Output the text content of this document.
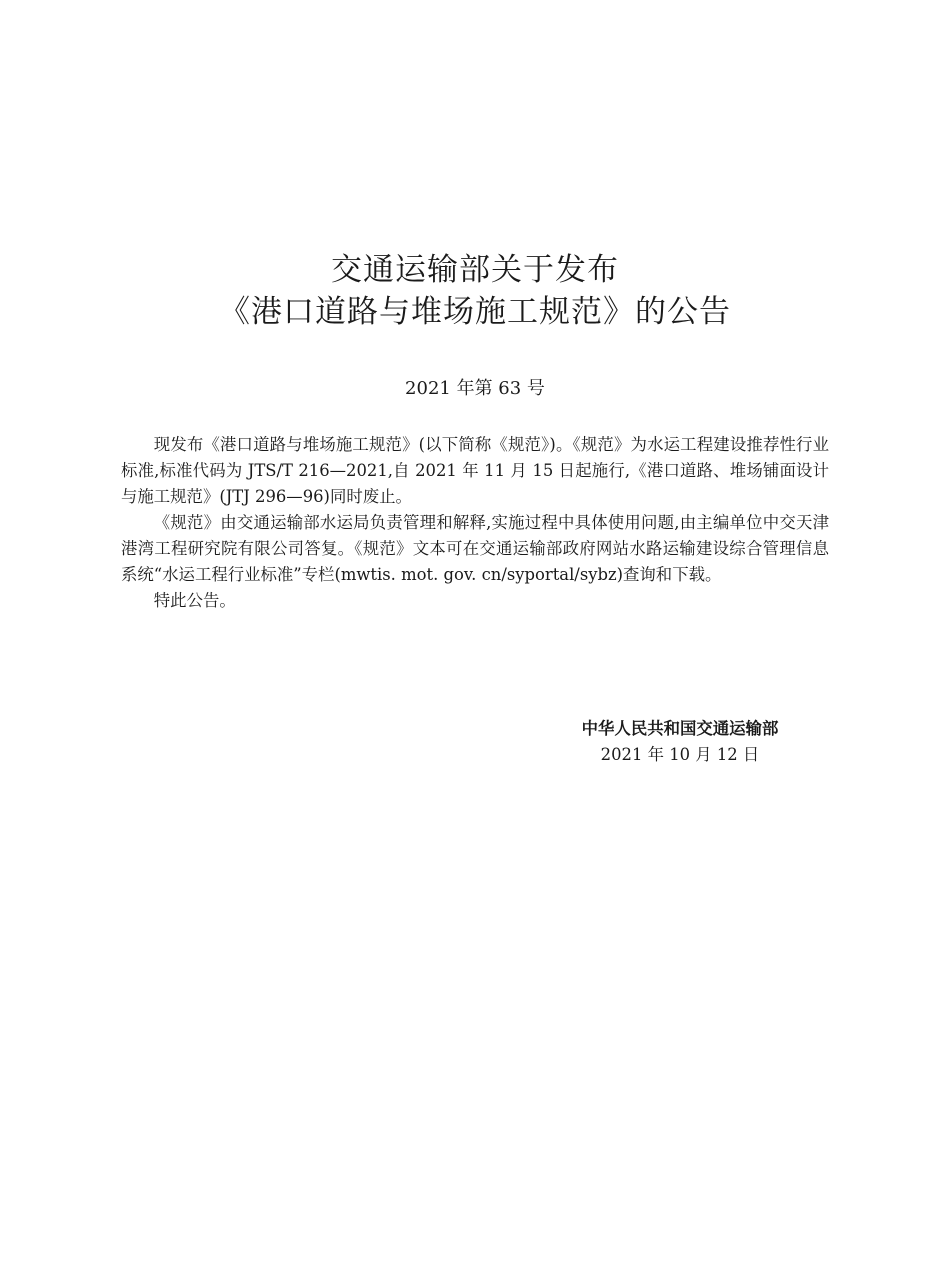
交通运输部关于发布
《港口道路与堆场施工规范》的公告
2021 年第 63 号

现发布《港口道路与堆场施工规范》(以下简称《规范》)。《规范》为水运工程建设推荐性行业标准,标准代码为 JTS/T 216—2021,自 2021 年 11 月 15 日起施行,《港口道路、堆场铺面设计与施工规范》(JTJ 296—96)同时废止。

《规范》由交通运输部水运局负责管理和解释,实施过程中具体使用问题,由主编单位中交天津港湾工程研究院有限公司答复。《规范》文本可在交通运输部政府网站水路运输建设综合管理信息系统“水运工程行业标准”专栏(mwtis. mot. gov. cn/syportal/sybz)查询和下载。

特此公告。

中华人民共和国交通运输部
2021 年 10 月 12 日
